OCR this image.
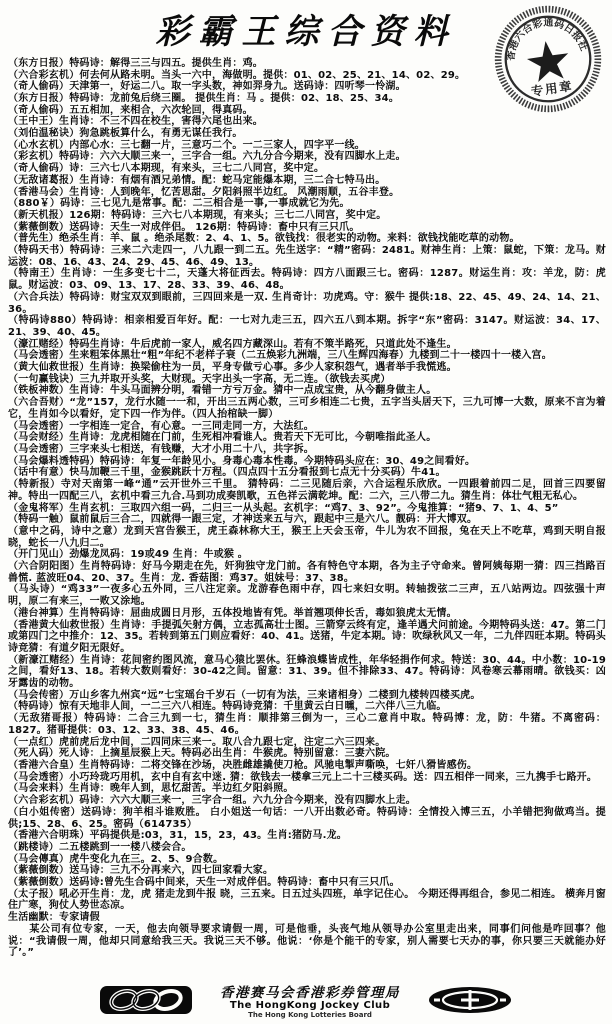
彩霸王综合资料
香港六合彩通码日报社
专用章

（东方日报）特码诗：解得三三与四五。提供生肖：鸡。

（六合彩玄机）何去何从路未明。当头一六中，海做明。提供：01、02、25、21、14、02、29。

（奇人偷码）天津第一，好运二八。取一字头数，神如羿身九。送码诗：四听琴一怜湖。

（东方日报）特码诗：龙前兔后绕三圈。 提供生肖：马 。提供：02、18、25、34。

（奇人偷码）五五相加，来相合，六次轮回，得真码。

（王中王）生肖诗：不三不四在校生，害得六尾也出来。

（刘伯温秘诀）狗急跳板算什么，有勇无谋任我行。

（心水玄机）内部心水：三七翻一片，三意巧二个。一二三家人，四字平一线。

（彩玄机）特码诗：六六大顺三来一，三字合一组。六九分合今期来，没有四脚水上走。

（奇人偷码）诗：三六七八本期现，有来头，三七二八同宫，奖中定。

（无敌诸葛报）生肖诗：有烟有酒兄弟情。配：蛇马定能爆本期，三二合七特马出。

（香港马会）生肖诗：人到晚年，忆苦思甜。夕阳斜照半边红。 风潮雨顺，五谷丰登。

（880￥）码诗：三七见九是常事。配：二三相合是一事,一事成就它为先。

（新天机报）126期：特码诗：三六七八本期现，有来头；三七二八同宫，奖中定。

（紫薇倒数）送码诗：天生一对成伴侣。 126期：特码诗：畜中只有三只爪。

（普先生）绝杀生肖：羊、鼠 。绝杀尾数：2、4、1、5。欲钱找：很老实的动物。来料：欲钱找能吃草的动物。

（特码天书）特码诗：三来二六走四一，八九跟一到二五。先生送字：“精”密码：2481。财神生肖：上策：鼠蛇，下策：龙马。财运波：08、16、43、24、29、45、46、49、13。

（特南王）生肖诗：一生多变七十二，天蓬大将征西去。特码诗：四方八面跟三七。密码：1287。财运生肖：攻：羊龙，防：虎鼠。财运波：03、09、13、17、28、33、39、46、48。

（六合兵法）特码诗：财宝双双到眼前，三四回来是一双. 生肖奇计：功虎鸡。守：猴牛 提供:18、22、45、49、24、14、21、36。

（特码诗880）特码诗：相亲相爱百年好。配：一七对九走三五，四六五八到本期。拆字“东”密码：3147。财运波：34、17、21、39、40、45。

（濠江赌经）特码生肖诗：牛后虎前一家人，威名四方藏深山。若有不策半路死，只道此处不逢生。

（马会透密）生来粗笨体黑壮“粗”年纪不老样子衰（二五焕彩九洲端，三八生辉四海春）九楼到二十一楼四十一楼入宫。

（黄大仙救世报）生肖诗：换梁偷柱为一员，平身专做亏心事。多少人家积怨气，遇者举手我慌逃。

（一句赢钱诀）三九并取开头奖，大财现。天字出头一字高，无二连。（欲钱去买虎）

（铁板神数）生肖诗：牛头马面辨分明，看错一方亏万金。猜中一点成宝贵，从今翻身做主人。

（六合吾财）“龙”157，龙行水随一一和，开出三五两心数，三可乡相连二七贵，五字当头居天下，三九可博一大数，原来不言为着它，生肖如今以看好，定下四一作为伴。（四人抬棺缺一脚）

（马会透密）一字相连一定合，有心意。一三同走同一方，大法红。

（马会财经）生肖诗：龙虎相随在门前，生死相冲看谁人。贵若天下无可比，今朝唯指此圣人。

（马会透密）三字来头七相送，有钱赚，大才小用二十八，共字拆。

（马会爆料透特码）特码诗：年复一年龄见小。身毒心毒本性毒。今期特码头应在：30、49之间看好。

（话中有意）快马加鞭三千里，金猴跳跃十万程。（四点四十五分看报到七点无十分买码）牛41。

（特新报）寺对天南第一峰“通”云开世外三千里。 猜特码：二三见随后亲，六合运程乐欣欣。一四跟着前四二足，回首三四要留神。特出一四配三八，玄机中看三九合.马到功成奏凯歌，五色祥云满乾坤。配：二六，三八带二九。猜生肖：体壮气粗无私心。

（金鬼将军）生肖玄机：三取四六组一码，二归三一从头起。玄机字：“鸡7、3、92”。今鬼推算：“猪9、7、1、4、5”

（特码一触）鼠前鼠后三合二，四就得一跟三定，才神送来五与六，跟起中三是六八。靓码：开大博双。

（意中之码，诗中之意）龙到天宫告猴王，虎王森林称大王，猴王上天会玉帝，牛儿为农不回报，兔在天上不吃草，鸡到天明自报晓，蛇长一八九归二。

（开门见山）劲爆龙凤码：19或49 生肖：牛或猴 。

（六合阴阳图）生肖特码诗：好马今期走在先，奸狗独守龙门前。各有特色守本期，各为主子守命来。曾阿姨每期一猜：四三挡路百兽慌. 蓝波旺04、20、37。生肖：龙. 香菇图：鸡37。姐妹号：37、38。

（马头诗）“鸡33”一夜多心五外同，三八注定亲。龙游春色雨中存，四七来妇女明。转轴拨弦二三声，五八站两边。四弦强十声明，原二有来三，一败又涂地。

（港台神算）生肖特码诗：屈曲成圆日月形，五体投地皆有凭。举首翘项伸长舌，毒如狼虎太无情。

（香港黄大仙救世报）生肖诗：手提弧矢射方偶，立志孤高壮士图。三箭穿云终有定，逢羊遇犬问前途。今期特码头送：47。第二门或第四门之中推介：12、35。若转到第五门则应看好：40、41。送猪，牛定本期。诗：吹绿秋风又一年，二九伴四旺本期。特码头诗竞猜：有道夕阳无限好。

（新濠江赌经）生肖诗：花间密约图风流，意马心猿比罢休。狂蜂浪蝶皆成性，年华轻捐作何求。特送：30、44。中小数：10-19之间，看好13、18。若转大数则看好：30-42之间。留意：31、39。但不排除33、47。特码诗：风卷寒云幕雨晴。欲钱买：凶牙露齿的动物。

（马会传密）万山乡客九州宾“远”七宝瑶台千岁石（一切有为法，三来诸相身）二楼到九楼转四楼买虎。

（特码诗）惊有天地非人间，一二三六八相连。特码诗竞猜：千里黄云白日曛，二六伴八三九临。

（无敌猪哥报）特码诗：二合三九到一七，猜生肖：顺排第三倒为一，三心二意肖中取。特码博：龙，防：牛猪。不离密码：1827。猪哥提供：03、12、33、38、45、46。

（一点红）虎前虎后龙中间，二四同床三来一。取八合九跟七定，注定二六三四来。

（死人码）死人诗：上摘星辰猴上天。特码必出生肖：牛猴虎。特别留意：三妻六院。

（香港六合皇）生肖特码诗：二将交锋在沙场，决胜雌雄撬使刀枪。风驰电掣声嘶唤，七奸八猾皆感伤。

（马会透密）小巧玲珑巧用机，玄中自有玄中迷. 猜：欲钱去一楼拿三元上二十三楼买码。送：四五相伴一同来，三九携手七路开。

（马会来料）生肖诗：晚年人到，思忆甜苦。半边红夕阳斜照。

（六合彩玄机）码诗：六六大顺三来一，三字合一组。六九分合今期来，没有四脚水上走。

（白小姐传密）送码诗：狗羊相斗谁败胜。 白小姐送一句话：一八开出数必奇。特码诗：全情投入博三五，小羊错把狗做鸡当。提供;15、28、6、25。密码（614735）

（香港六合明珠）平码提供是:03，31，15，23，43。生肖:猪防马.龙。

（跳楼诗）二五楼跳到一一楼八楼会合。

（马会傳真）虎牛变化九在三。2、5、9合数。

（紫薇倒数）送马诗：三九不分再来六，四七回家看大家。

（紫薇倒数）送码诗:曾先生合码中间来，天生一对成伴侣。特码诗：畜中只有三只爪。

（太子报）吼必开生肖：龙，虎 猪走龙到牛报 晓，三五来。日五过头四班，单字记住心。 今期还得再组合，参见二相连。 横奔月窗住广寒，狗仗人势世态凉。

生活幽默：专家请假

　　某公司有位专家，一天，他去向领导要求请假一周，可是他垂，头丧气地从领导办公室里走出来，同事们问他是咋回事？他说：“我请假一周，他却只同意给我三天。我说三天不够。他说：‘你是个能干的专家，别人需要七天办的事，你只要三天就能办好了’。”

香港赛马会香港彩券管理局
The HongKong Jockey Club
The Hong Kong Lotteries Board
